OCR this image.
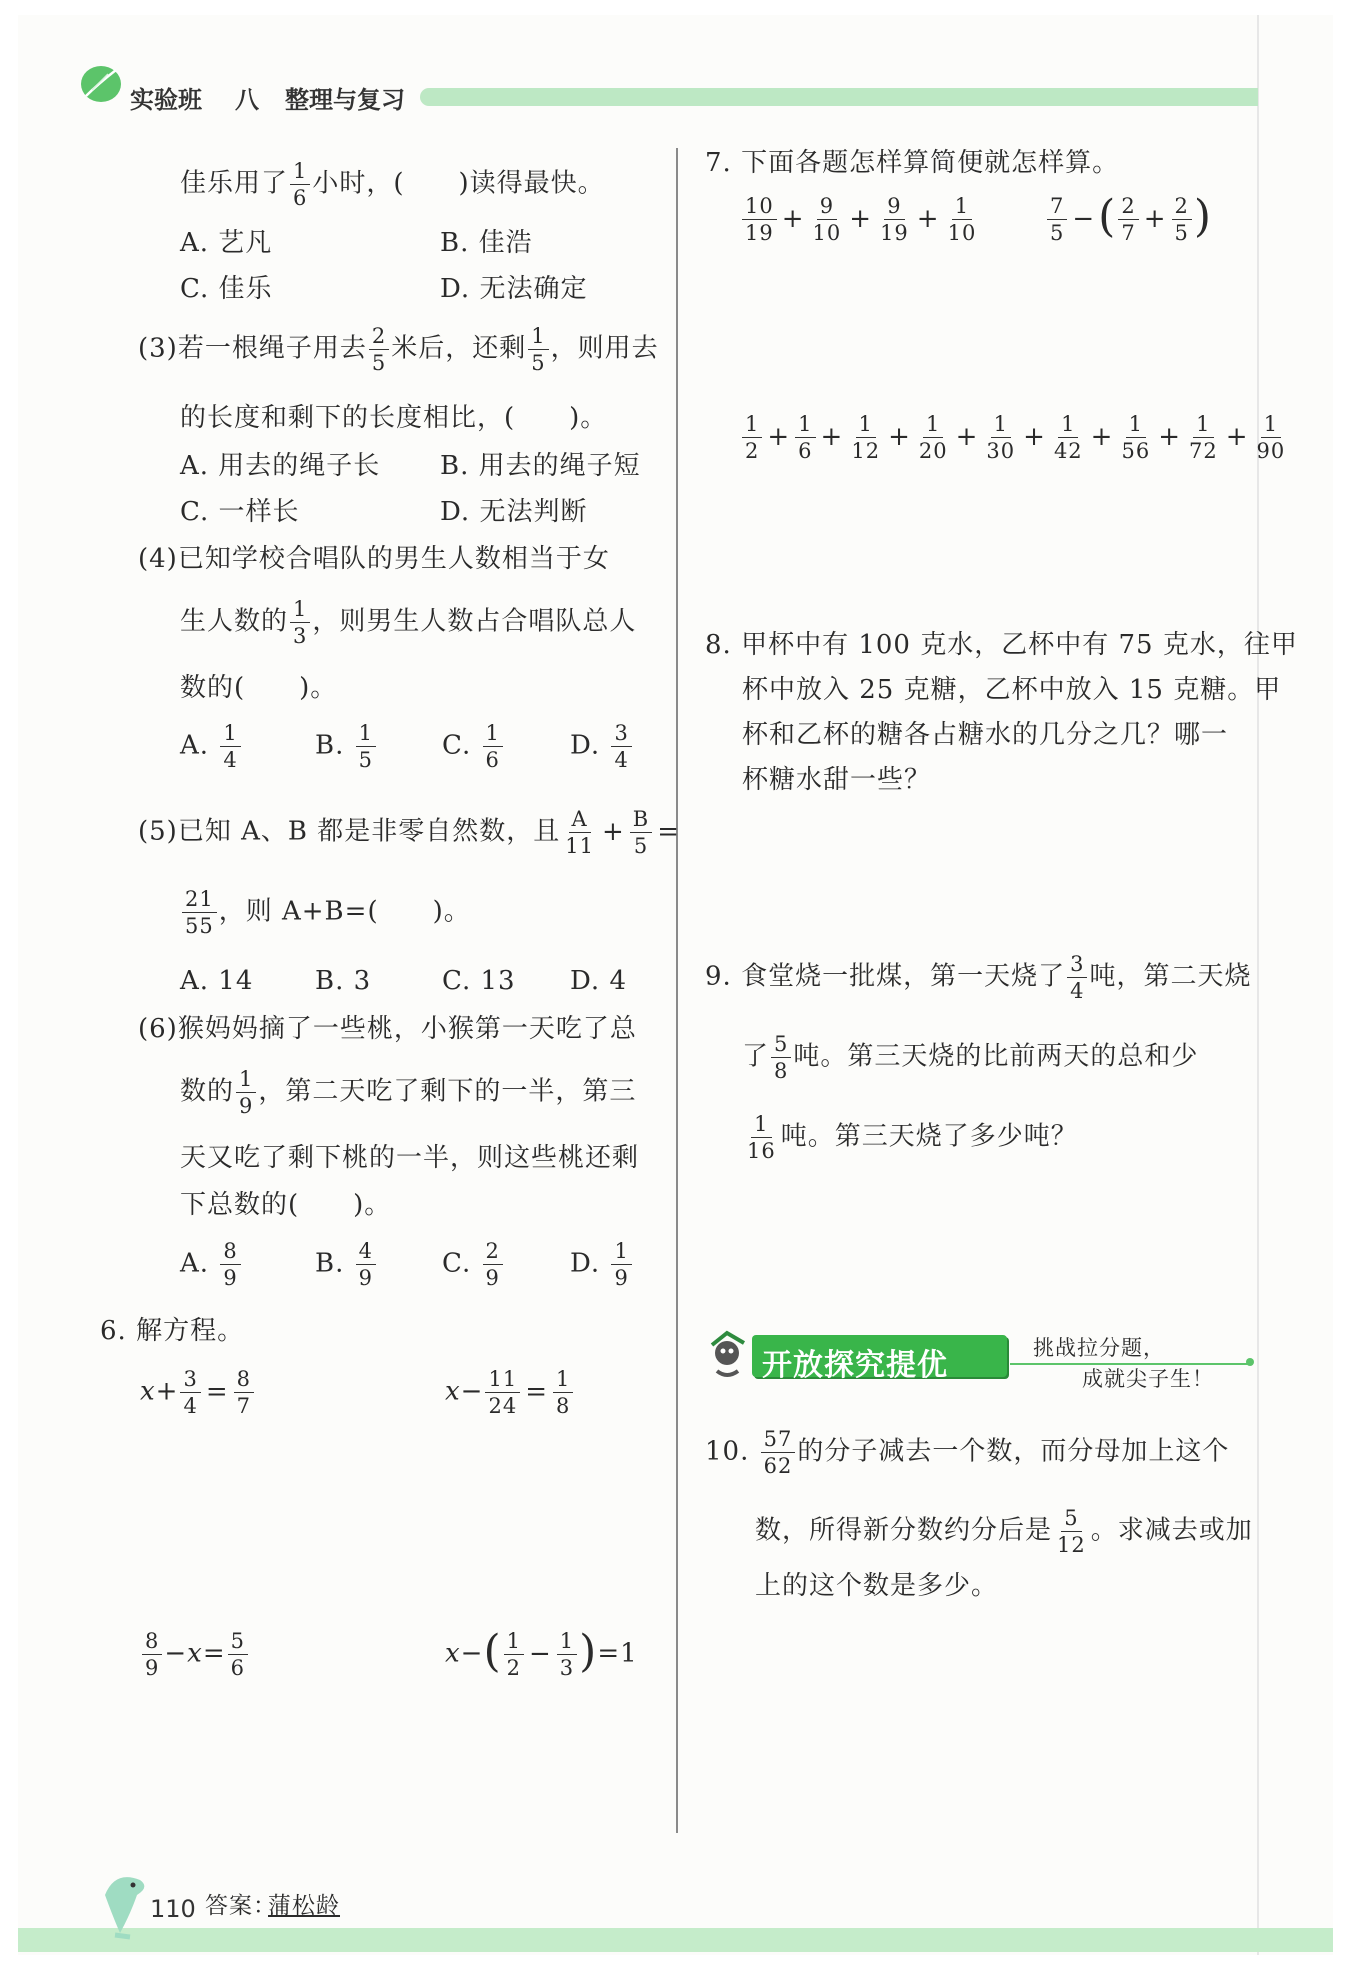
实验班 八 整理与复习
佳乐用了 $\frac{1}{6}$ 小时，(　　)读得最快。
A. 艺凡	B. 佳浩
C. 佳乐	D. 无法确定
(3)若一根绳子用去 $\frac{2}{5}$ 米后，还剩 $\frac{1}{5}$ ，则用去
的长度和剩下的长度相比，(　　)。
A. 用去的绳子长 B. 用去的绳子短
C. 一样长	D. 无法判断
(4)已知学校合唱队的男生人数相当于女
生人数的 $\frac{1}{3}$ ，则男生人数占合唱队总人
数的(　　)。
A. $\frac{1}{4}$	B. $\frac{1}{5}$	C. $\frac{1}{6}$	D. $\frac{3}{4}$
(5)已知 A、B 都是非零自然数，且 $\frac{A}{11} + \frac{B}{5}$ =
$\frac{21}{55}$ ，则 A+B=(　　)。
A. 14 B. 3	C. 13 D. 4
(6)猴妈妈摘了一些桃，小猴第一天吃了总
数的 $\frac{1}{9}$ ，第二天吃了剩下的一半，第三
天又吃了剩下桃的一半，则这些桃还剩
下总数的(　　)。
A. $\frac{8}{9}$	B. $\frac{4}{9}$	C. $\frac{2}{9}$	D. $\frac{1}{9}$
6. 解方程。
$x+ \frac{3}{4} = \frac{8}{7}$	$x- \frac{11}{24} = \frac{1}{8}$
$\frac{8}{9} -x= \frac{5}{6}$	$x-( \frac{1}{2} - \frac{1}{3} )=1$
7. 下面各题怎样算简便就怎样算。
$\frac{10}{19} + \frac{9}{10} + \frac{9}{19} + \frac{1}{10}$	$\frac{7}{5}$ −( $\frac{2}{7} + \frac{2}{5}$ )
$\frac{1}{2} + \frac{1}{6} + \frac{1}{12} + \frac{1}{20} + \frac{1}{30} + \frac{1}{42} + \frac{1}{56} + \frac{1}{72} + \frac{1}{90}$
8. 甲杯中有 100 克水，乙杯中有 75 克水，往甲
杯中放入 25 克糖，乙杯中放入 15 克糖。甲
杯和乙杯的糖各占糖水的几分之几？哪一
杯糖水甜一些？
9. 食堂烧一批煤，第一天烧了 $\frac{3}{4}$ 吨，第二天烧
了 $\frac{5}{8}$ 吨。第三天烧的比前两天的总和少
$\frac{1}{16}$ 吨。第三天烧了多少吨？
开放探究提优	挑战拉分题，
成就尖子生！
10. $\frac{57}{62}$ 的分子减去一个数，而分母加上这个
数，所得新分数约分后是 $\frac{5}{12}$ 。求减去或加
上的这个数是多少。
110 答案：
蒲松龄
